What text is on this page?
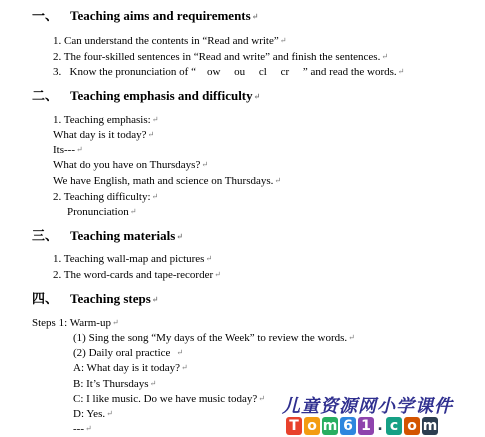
一、 Teaching aims and requirements↵
1. Can understand the contents in “Read and write”↵
2. The four-skilled sentences in “Read and write” and finish the sentences.↵
3.   Know the pronunciation of “    ow     ou     cl     cr     ” and read the words.↵
二、 Teaching emphasis and difficulty↵
1. Teaching emphasis:↵
What day is it today?↵
Its---↵
What do you have on Thursdays?↵
We have English, math and science on Thursdays.↵
2. Teaching difficulty:↵
Pronunciation↵
三、 Teaching materials↵
1. Teaching wall-map and pictures↵
2. The word-cards and tape-recorder↵
四、 Teaching steps↵
Steps 1: Warm-up↵
(1) Sing the song “My days of the Week” to review the words.↵
(2) Daily oral practice ↵
A: What day is it today?↵
B: It’s Thursdays↵
C: I like music. Do we have music today?↵
D: Yes.↵
---↵
儿童资源网小学课件
T o m 6 1 . c o m
